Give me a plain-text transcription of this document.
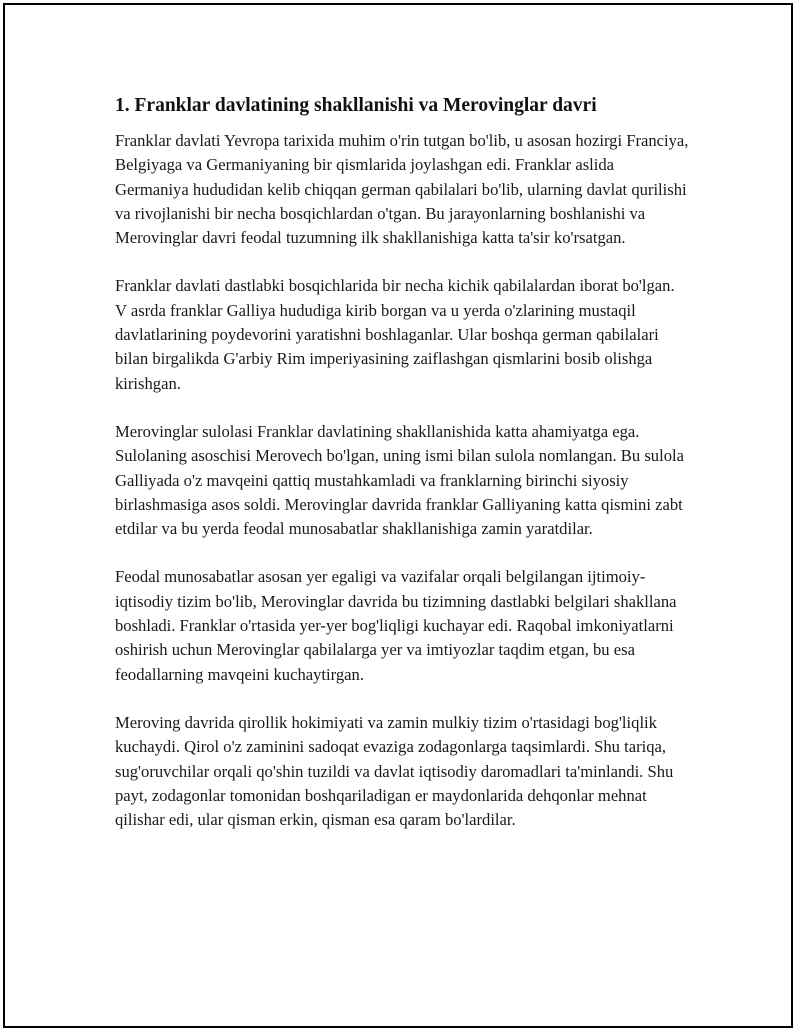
1. Franklar davlatining shakllanishi va Merovinglar davri

Franklar davlati Yevropa tarixida muhim o'rin tutgan bo'lib, u asosan hozirgi Franciya, Belgiyaga va Germaniyaning bir qismlarida joylashgan edi. Franklar aslida Germaniya hududidan kelib chiqqan german qabilalari bo'lib, ularning davlat qurilishi va rivojlanishi bir necha bosqichlardan o'tgan. Bu jarayonlarning boshlanishi va Merovinglar davri feodal tuzumning ilk shakllanishiga katta ta'sir ko'rsatgan.

Franklar davlati dastlabki bosqichlarida bir necha kichik qabilalardan iborat bo'lgan. V asrda franklar Galliya hududiga kirib borgan va u yerda o'zlarining mustaqil davlatlarining poydevorini yaratishni boshlaganlar. Ular boshqa german qabilalari bilan birgalikda G'arbiy Rim imperiyasining zaiflashgan qismlarini bosib olishga kirishgan.

Merovinglar sulolasi Franklar davlatining shakllanishida katta ahamiyatga ega. Sulolaning asoschisi Merovech bo'lgan, uning ismi bilan sulola nomlangan. Bu sulola Galliyada o'z mavqeini qattiq mustahkamladi va franklarning birinchi siyosiy birlashmasiga asos soldi. Merovinglar davrida franklar Galliyaning katta qismini zabt etdilar va bu yerda feodal munosabatlar shakllanishiga zamin yaratdilar.

Feodal munosabatlar asosan yer egaligi va vazifalar orqali belgilangan ijtimoiy-iqtisodiy tizim bo'lib, Merovinglar davrida bu tizimning dastlabki belgilari shakllana boshladi. Franklar o'rtasida yer-yer bog'liqligi kuchayar edi. Raqobal imkoniyatlarni oshirish uchun Merovinglar qabilalarga yer va imtiyozlar taqdim etgan, bu esa feodallarning mavqeini kuchaytirgan.

Meroving davrida qirollik hokimiyati va zamin mulkiy tizim o'rtasidagi bog'liqlik kuchaydi. Qirol o'z zaminini sadoqat evaziga zodagonlarga taqsimlardi. Shu tariqa, sug'oruvchilar orqali qo'shin tuzildi va davlat iqtisodiy daromadlari ta'minlandi. Shu payt, zodagonlar tomonidan boshqariladigan er maydonlarida dehqonlar mehnat qilishar edi, ular qisman erkin, qisman esa qaram bo'lardilar.
